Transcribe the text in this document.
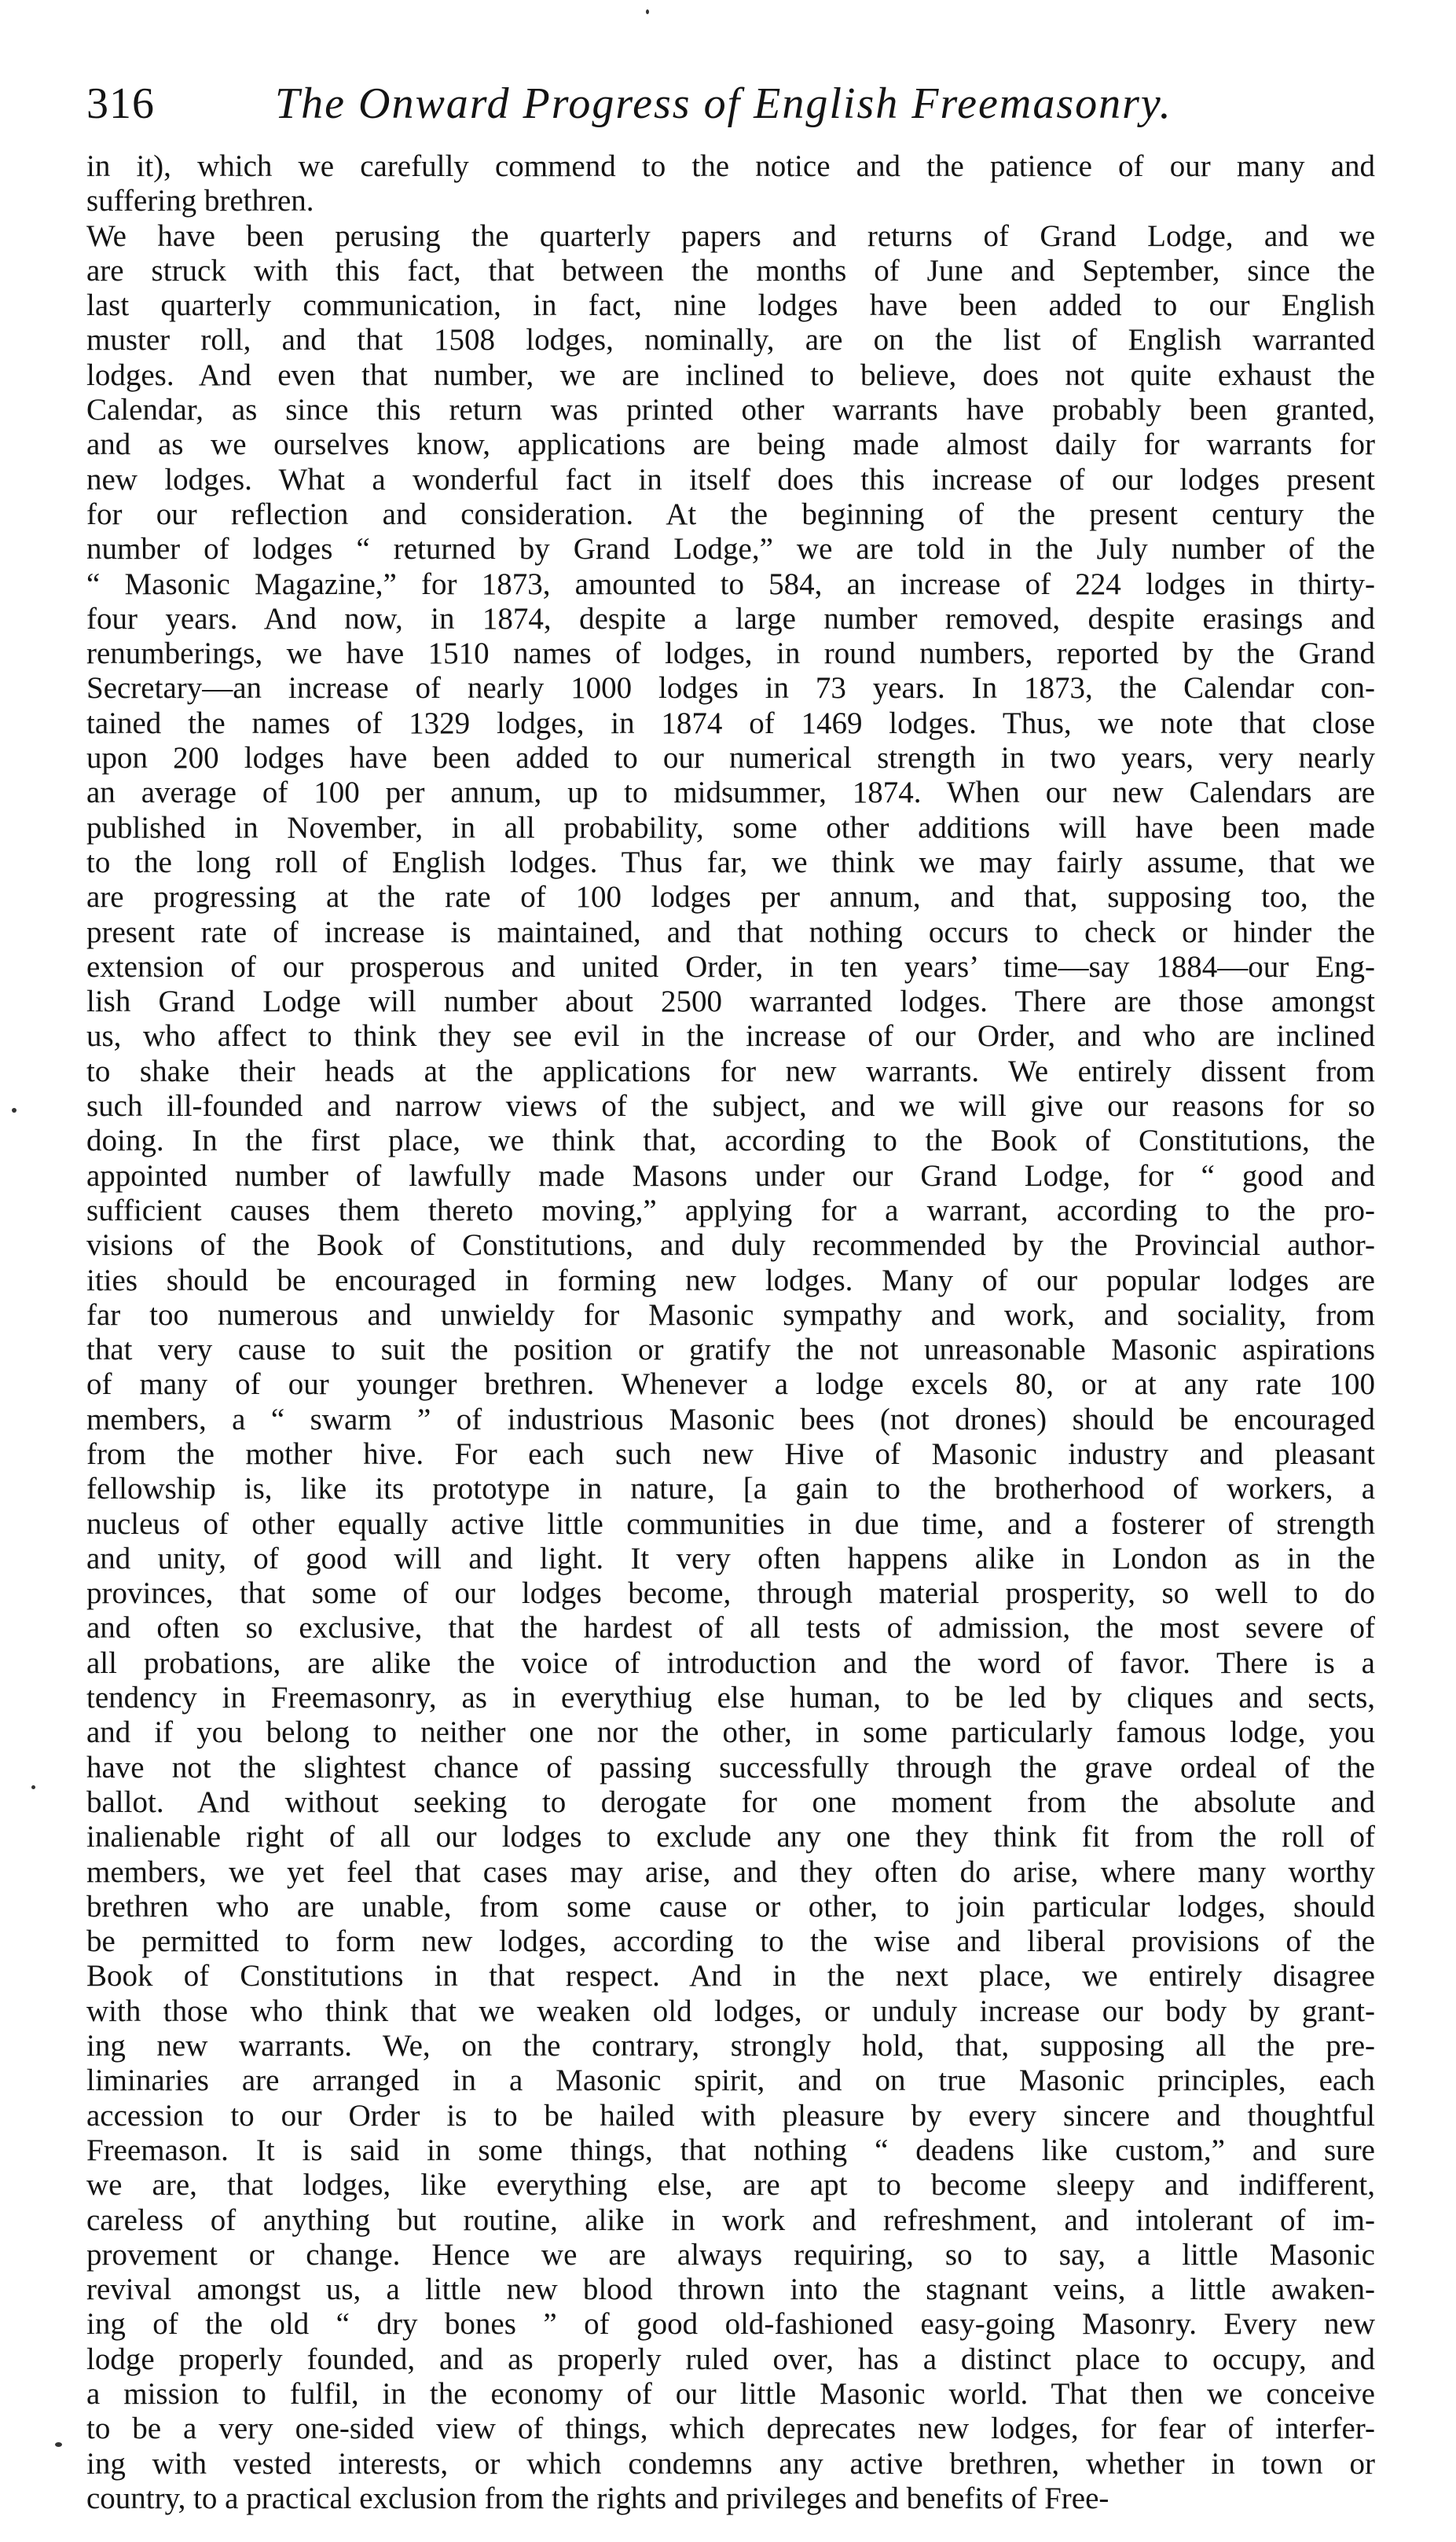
316	The Onward Progress of English Freemasonry.
in it), which we carefully commend to the notice and the patience of our many and
suffering brethren.
We have been perusing the quarterly papers and returns of Grand Lodge, and we
are struck with this fact, that between the months of June and September, since the
last quarterly communication, in fact, nine lodges have been added to our English
muster roll, and that 1508 lodges, nominally, are on the list of English warranted
lodges. And even that number, we are inclined to believe, does not quite exhaust the
Calendar, as since this return was printed other warrants have probably been granted,
and as we ourselves know, applications are being made almost daily for warrants for
new lodges. What a wonderful fact in itself does this increase of our lodges present
for our reflection and consideration. At the beginning of the present century the
number of lodges “ returned by Grand Lodge,” we are told in the July number of the
“ Masonic Magazine,” for 1873, amounted to 584, an increase of 224 lodges in thirty-
four years. And now, in 1874, despite a large number removed, despite erasings and
renumberings, we have 1510 names of lodges, in round numbers, reported by the Grand
Secretary—an increase of nearly 1000 lodges in 73 years. In 1873, the Calendar con-
tained the names of 1329 lodges, in 1874 of 1469 lodges. Thus, we note that close
upon 200 lodges have been added to our numerical strength in two years, very nearly
an average of 100 per annum, up to midsummer, 1874. When our new Calendars are
published in November, in all probability, some other additions will have been made
to the long roll of English lodges. Thus far, we think we may fairly assume, that we
are progressing at the rate of 100 lodges per annum, and that, supposing too, the
present rate of increase is maintained, and that nothing occurs to check or hinder the
extension of our prosperous and united Order, in ten years’ time—say 1884—our Eng-
lish Grand Lodge will number about 2500 warranted lodges. There are those amongst
us, who affect to think they see evil in the increase of our Order, and who are inclined
to shake their heads at the applications for new warrants. We entirely dissent from
such ill-founded and narrow views of the subject, and we will give our reasons for so
doing. In the first place, we think that, according to the Book of Constitutions, the
appointed number of lawfully made Masons under our Grand Lodge, for “ good and
sufficient causes them thereto moving,” applying for a warrant, according to the pro-
visions of the Book of Constitutions, and duly recommended by the Provincial author-
ities should be encouraged in forming new lodges. Many of our popular lodges are
far too numerous and unwieldy for Masonic sympathy and work, and sociality, from
that very cause to suit the position or gratify the not unreasonable Masonic aspirations
of many of our younger brethren. Whenever a lodge excels 80, or at any rate 100
members, a “ swarm ” of industrious Masonic bees (not drones) should be encouraged
from the mother hive. For each such new Hive of Masonic industry and pleasant
fellowship is, like its prototype in nature, [a gain to the brotherhood of workers, a
nucleus of other equally active little communities in due time, and a fosterer of strength
and unity, of good will and light. It very often happens alike in London as in the
provinces, that some of our lodges become, through material prosperity, so well to do
and often so exclusive, that the hardest of all tests of admission, the most severe of
all probations, are alike the voice of introduction and the word of favor. There is a
tendency in Freemasonry, as in everythiug else human, to be led by cliques and sects,
and if you belong to neither one nor the other, in some particularly famous lodge, you
have not the slightest chance of passing successfully through the grave ordeal of the
ballot. And without seeking to derogate for one moment from the absolute and
inalienable right of all our lodges to exclude any one they think fit from the roll of
members, we yet feel that cases may arise, and they often do arise, where many worthy
brethren who are unable, from some cause or other, to join particular lodges, should
be permitted to form new lodges, according to the wise and liberal provisions of the
Book of Constitutions in that respect. And in the next place, we entirely disagree
with those who think that we weaken old lodges, or unduly increase our body by grant-
ing new warrants. We, on the contrary, strongly hold, that, supposing all the pre-
liminaries are arranged in a Masonic spirit, and on true Masonic principles, each
accession to our Order is to be hailed with pleasure by every sincere and thoughtful
Freemason. It is said in some things, that nothing “ deadens like custom,” and sure
we are, that lodges, like everything else, are apt to become sleepy and indifferent,
careless of anything but routine, alike in work and refreshment, and intolerant of im-
provement or change. Hence we are always requiring, so to say, a little Masonic
revival amongst us, a little new blood thrown into the stagnant veins, a little awaken-
ing of the old “ dry bones ” of good old-fashioned easy-going Masonry. Every new
lodge properly founded, and as properly ruled over, has a distinct place to occupy, and
a mission to fulfil, in the economy of our little Masonic world. That then we conceive
to be a very one-sided view of things, which deprecates new lodges, for fear of interfer-
ing with vested interests, or which condemns any active brethren, whether in town or
country, to a practical exclusion from the rights and privileges and benefits of Free-
